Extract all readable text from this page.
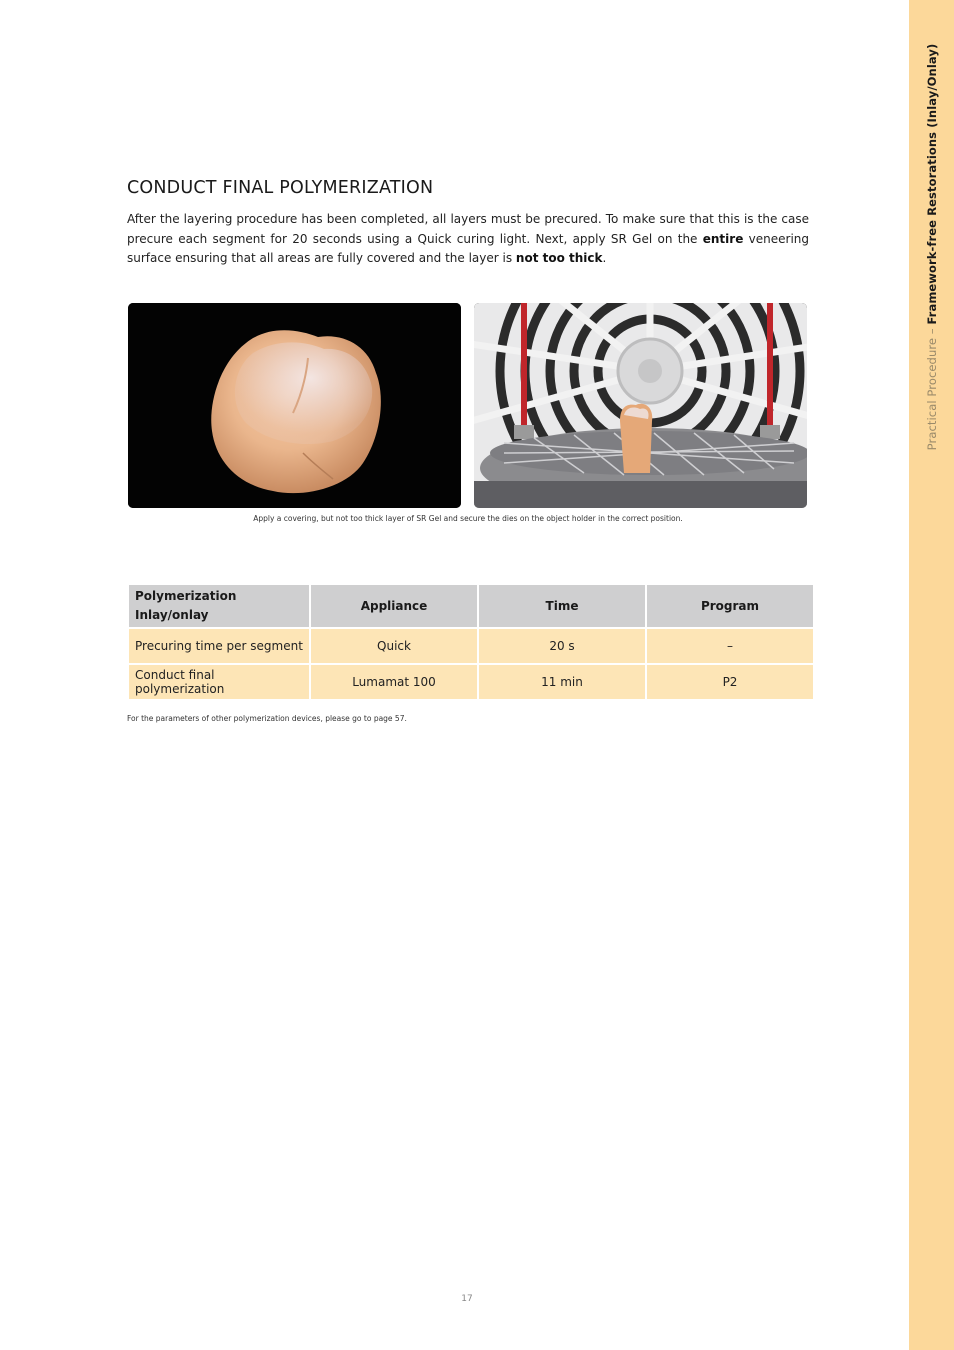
Practical Procedure – Framework-free Restorations (Inlay/Onlay)
CONDUCT FINAL POLYMERIZATION

After the layering procedure has been completed, all layers must be precured. To make sure that this is the case precure each segment for 20 seconds using a Quick curing light. Next, apply SR Gel on the entire veneering surface ensuring that all areas are fully covered and the layer is not too thick.

Apply a covering, but not too thick layer of SR Gel and secure the dies on the object holder in the correct position.
Polymerization
Inlay/onlay	Appliance	Time	Program
Precuring time per segment	Quick	20 s	–
Conduct final polymerization	Lumamat 100	11 min	P2
For the parameters of other polymerization devices, please go to page 57.
17
